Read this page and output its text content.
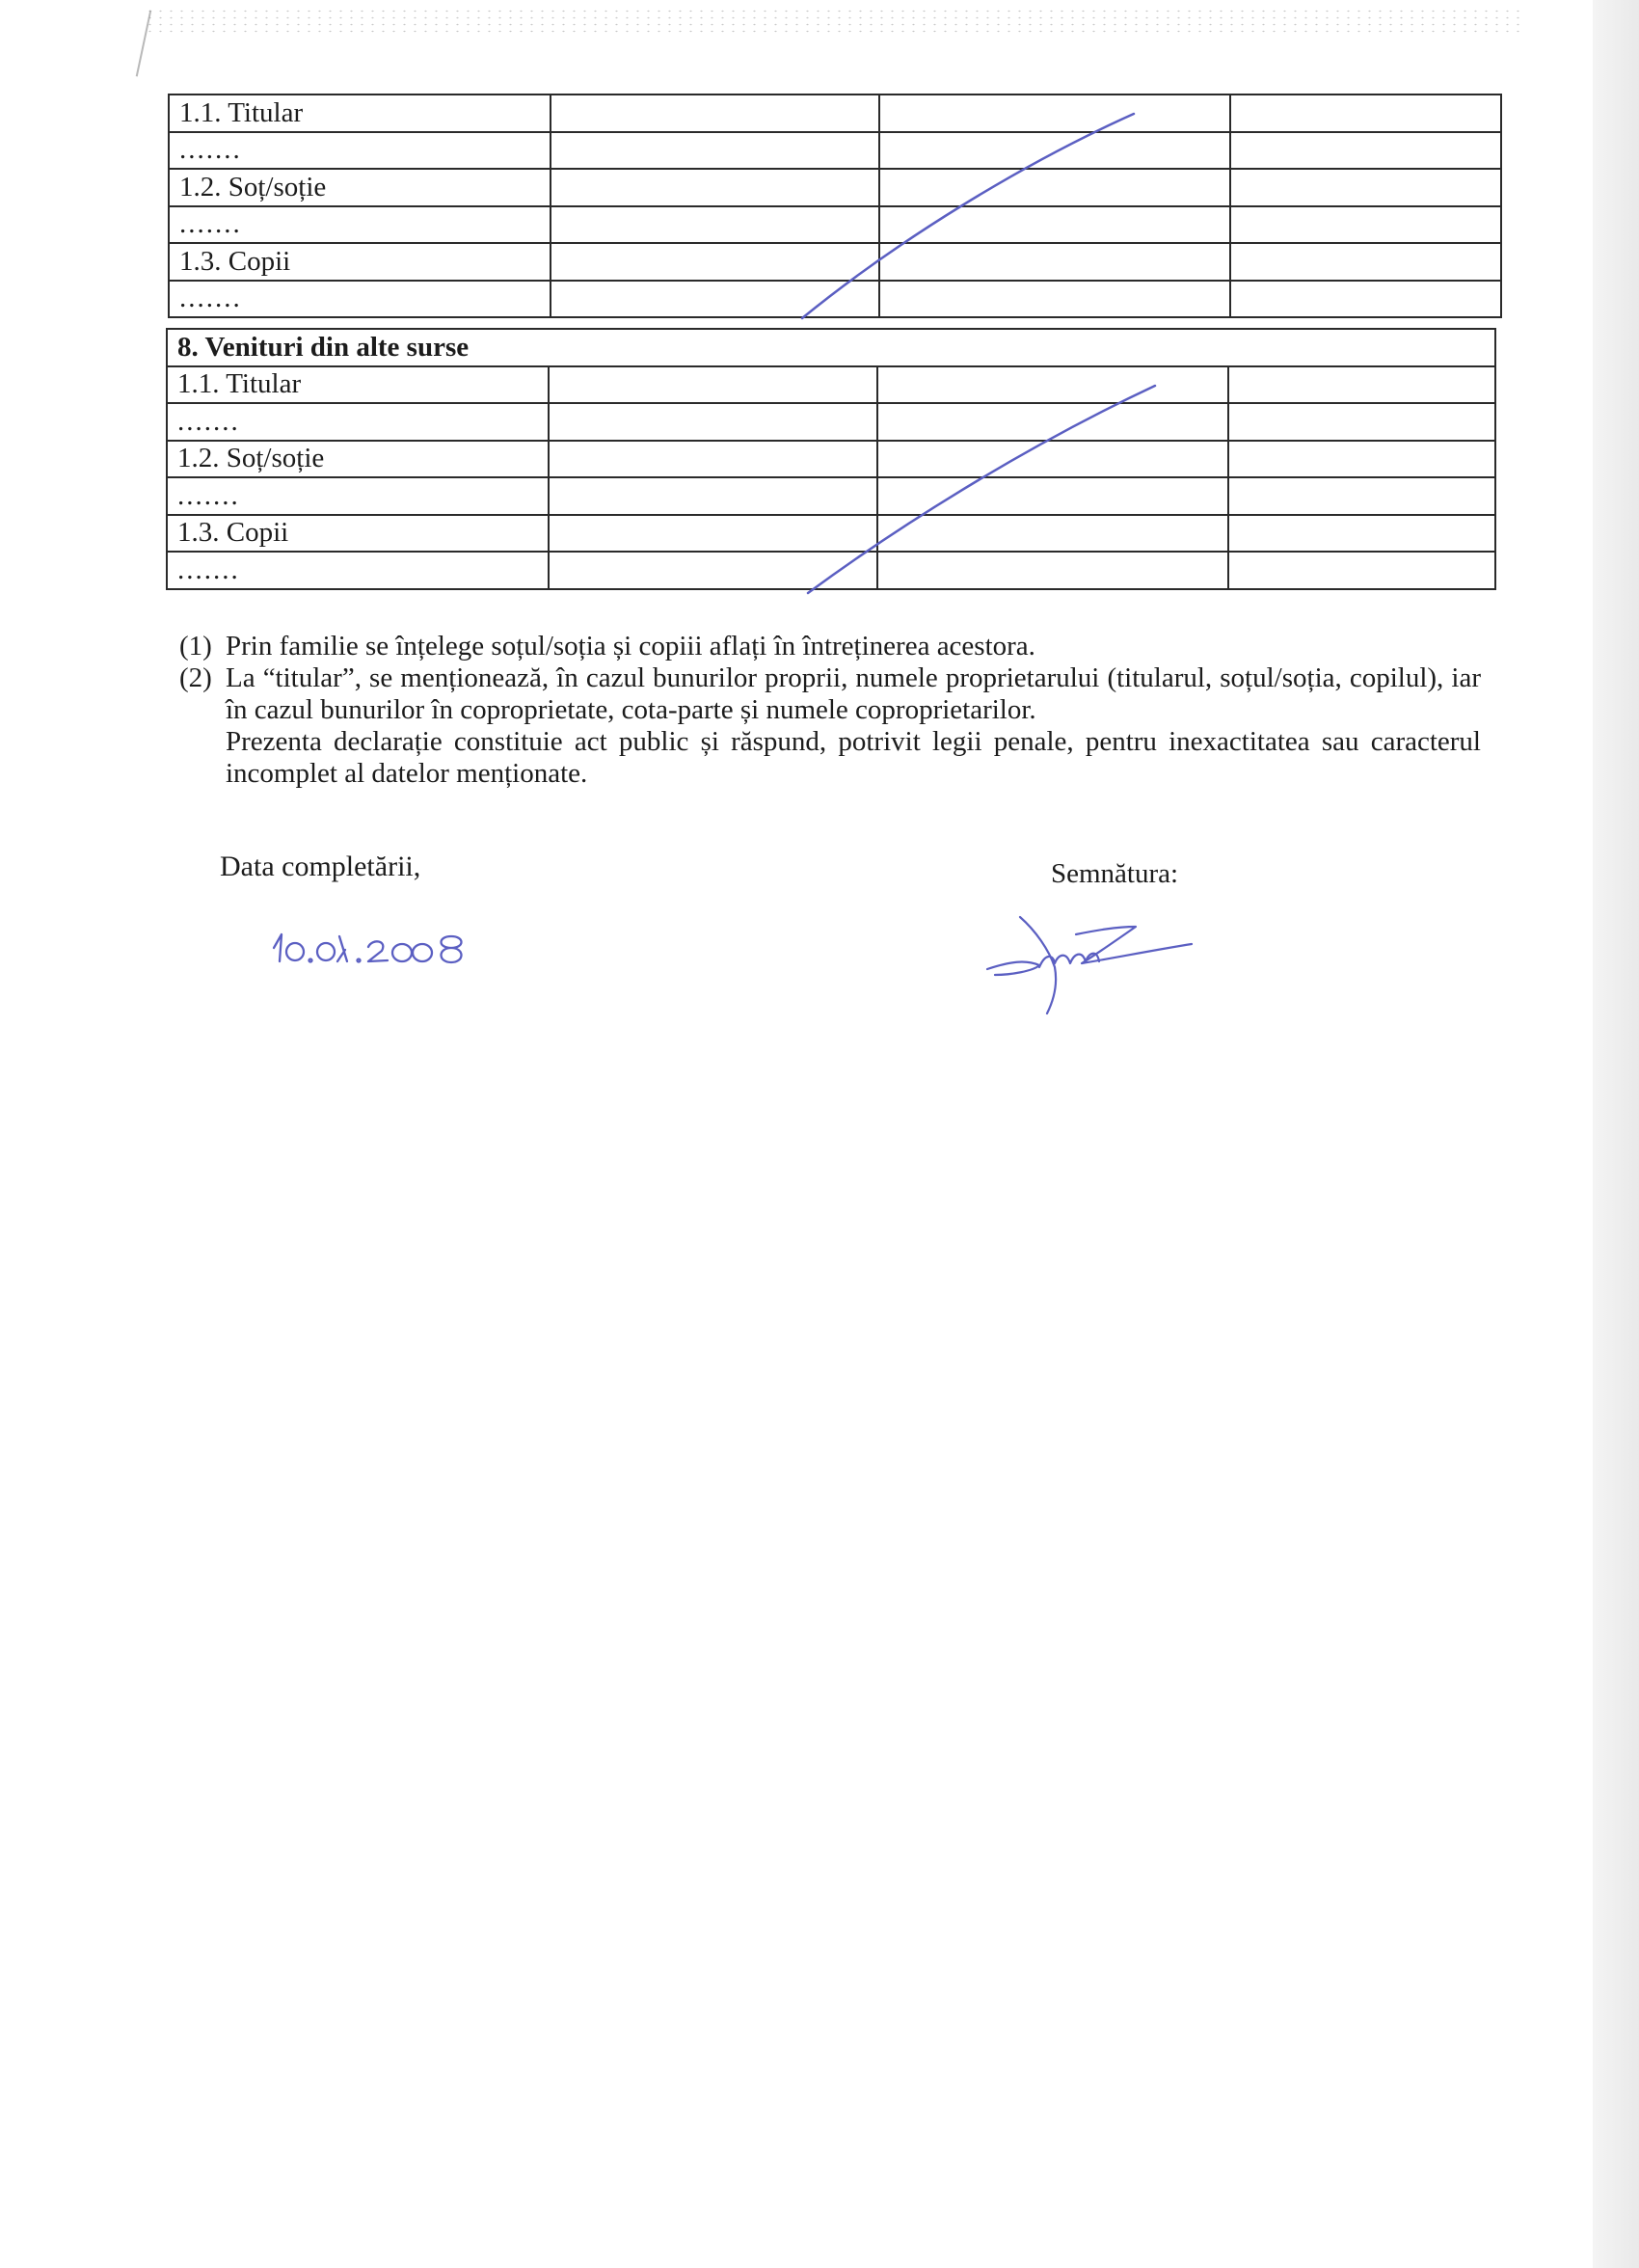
1.1. Titular			
.......			
1.2. Soț/soție			
.......			
1.3. Copii			
.......			
8. Venituri din alte surse			
1.1. Titular			
.......			
1.2. Soț/soție			
.......			
1.3. Copii			
.......			
(1) Prin familie se înțelege soțul/soția și copiii aflați în întreținerea acestora.
(2) La “titular”, se menționează, în cazul bunurilor proprii, numele proprietarului (titularul, soțul/soția, copilul), iar în cazul bunurilor în coproprietate, cota-parte și numele coproprietarilor.
Prezenta declarație constituie act public și răspund, potrivit legii penale, pentru inexactitatea sau caracterul incomplet al datelor menționate.
Data completării,	Semnătura:
